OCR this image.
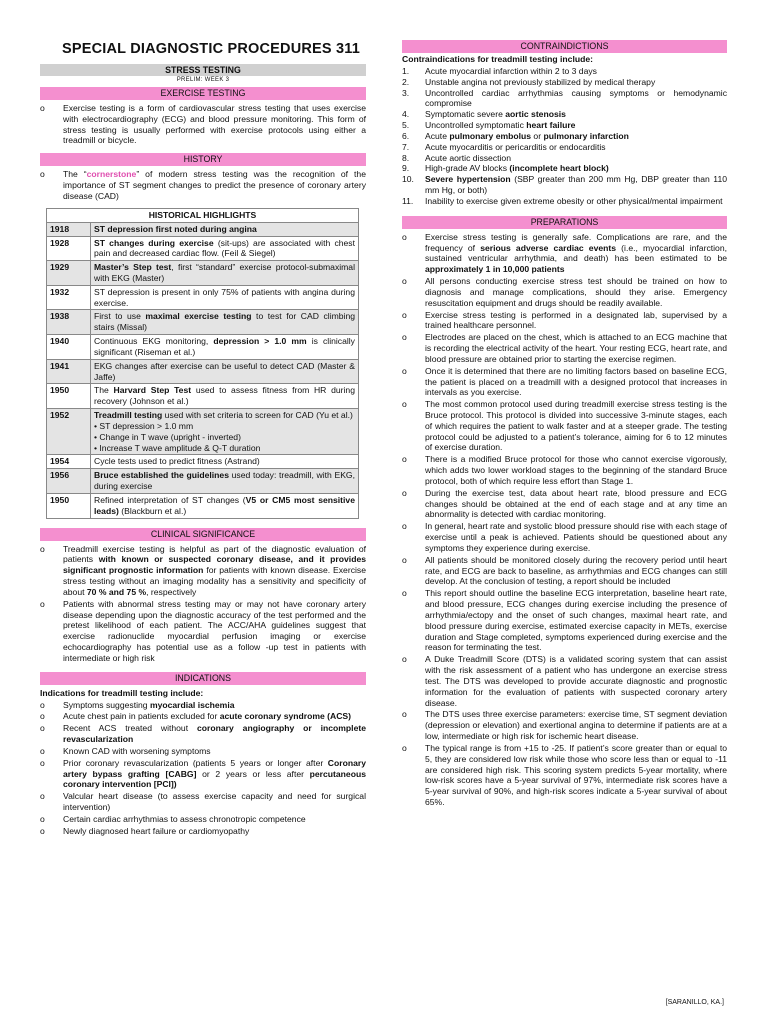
SPECIAL DIAGNOSTIC PROCEDURES 311
STRESS TESTING
PRELIM: WEEK 3
EXERCISE TESTING
o Exercise testing is a form of cardiovascular stress testing that uses exercise with electrocardiography (ECG) and blood pressure monitoring. This form of stress testing is usually performed with exercise protocols using either a treadmill or bicycle.
HISTORY
o The “cornerstone” of modern stress testing was the recognition of the importance of ST segment changes to predict the presence of coronary artery disease (CAD)
HISTORICAL HIGHLIGHTS	
1918	ST depression first noted during angina
1928	ST changes during exercise (sit-ups) are associated with chest pain and decreased cardiac flow. (Feil & Siegel)
1929	Master’s Step test, first “standard” exercise protocol-submaximal with EKG (Master)
1932	ST depression is present in only 75% of patients with angina during exercise.
1938	First to use maximal exercise testing to test for CAD climbing stairs (Missal)
1940	Continuous EKG monitoring, depression > 1.0 mm is clinically significant (Riseman et al.)
1941	EKG changes after exercise can be useful to detect CAD (Master & Jaffe)
1950	The Harvard Step Test used to assess fitness from HR during recovery (Johnson et al.)
1952	Treadmill testing used with set criteria to screen for CAD (Yu et al.)
• ST depression > 1.0 mm
• Change in T wave (upright - inverted)
• Increase T wave amplitude & Q-T duration
1954	Cycle tests used to predict fitness (Astrand)
1956	Bruce established the guidelines used today: treadmill, with EKG, during exercise
1950	Refined interpretation of ST changes (V5 or CM5 most sensitive leads) (Blackburn et al.)
CLINICAL SIGNIFICANCE
o Treadmill exercise testing is helpful as part of the diagnostic evaluation of patients with known or suspected coronary disease, and it provides significant prognostic information for patients with known disease. Exercise stress testing without an imaging modality has a sensitivity and specificity of about 70 % and 75 %, respectively
o Patients with abnormal stress testing may or may not have coronary artery disease depending upon the diagnostic accuracy of the test performed and the pretest likelihood of each patient. The ACC/AHA guidelines suggest that exercise radionuclide myocardial perfusion imaging or exercise echocardiography has potential use as a follow -up test in patients with intermediate or high risk
INDICATIONS
Indications for treadmill testing include:
o Symptoms suggesting myocardial ischemia
o Acute chest pain in patients excluded for acute coronary syndrome (ACS)
o Recent ACS treated without coronary angiography or incomplete revascularization
o Known CAD with worsening symptoms
o Prior coronary revascularization (patients 5 years or longer after Coronary artery bypass grafting [CABG] or 2 years or less after percutaneous coronary intervention [PCI])
o Valcular heart disease (to assess exercise capacity and need for surgical intervention)
o Certain cardiac arrhythmias to assess chronotropic competence
o Newly diagnosed heart failure or cardiomyopathy
CONTRAINDICTIONS
Contraindications for treadmill testing include:
1. Acute myocardial infarction within 2 to 3 days
2. Unstable angina not previously stabilized by medical therapy
3. Uncontrolled cardiac arrhythmias causing symptoms or hemodynamic compromise
4. Symptomatic severe aortic stenosis
5. Uncontrolled symptomatic heart failure
6. Acute pulmonary embolus or pulmonary infarction
7. Acute myocarditis or pericarditis or endocarditis
8. Acute aortic dissection
9. High-grade AV blocks (incomplete heart block)
10. Severe hypertension (SBP greater than 200 mm Hg, DBP greater than 110 mm Hg, or both)
11. Inability to exercise given extreme obesity or other physical/mental impairment
PREPARATIONS
o Exercise stress testing is generally safe. Complications are rare, and the frequency of serious adverse cardiac events (i.e., myocardial infarction, sustained ventricular arrhythmia, and death) has been estimated to be approximately 1 in 10,000 patients
o All persons conducting exercise stress test should be trained on how to diagnosis and manage complications, should they arise. Emergency resuscitation equipment and drugs should be readily available.
o Exercise stress testing is performed in a designated lab, supervised by a trained healthcare personnel.
o Electrodes are placed on the chest, which is attached to an ECG machine that is recording the electrical activity of the heart. Your resting ECG, heart rate, and blood pressure are obtained prior to starting the exercise regimen.
o Once it is determined that there are no limiting factors based on baseline ECG, the patient is placed on a treadmill with a designed protocol that increases in intervals as you exercise.
o The most common protocol used during treadmill exercise stress testing is the Bruce protocol. This protocol is divided into successive 3-minute stages, each of which requires the patient to walk faster and at a steeper grade. The testing protocol could be adjusted to a patient’s tolerance, aiming for 6 to 12 minutes of exercise duration.
o There is a modified Bruce protocol for those who cannot exercise vigorously, which adds two lower workload stages to the beginning of the standard Bruce protocol, both of which require less effort than Stage 1.
o During the exercise test, data about heart rate, blood pressure and ECG changes should be obtained at the end of each stage and at any time an abnormality is detected with cardiac monitoring.
o In general, heart rate and systolic blood pressure should rise with each stage of exercise until a peak is achieved. Patients should be questioned about any symptoms they experience during exercise.
o All patients should be monitored closely during the recovery period until heart rate, and ECG are back to baseline, as arrhythmias and ECG changes can still develop. At the conclusion of testing, a report should be included
o This report should outline the baseline ECG interpretation, baseline heart rate, and blood pressure, ECG changes during exercise including the presence of arrhythmia/ectopy and the onset of such changes, maximal heart rate, and blood pressure during exercise, estimated exercise capacity in METs, exercise duration and Stage completed, symptoms experienced during exercise and the reason for terminating the test.
o A Duke Treadmill Score (DTS) is a validated scoring system that can assist with the risk assessment of a patient who has undergone an exercise stress test. The DTS was developed to provide accurate diagnostic and prognostic information for the evaluation of patients with suspected coronary artery disease.
o The DTS uses three exercise parameters: exercise time, ST segment deviation (depression or elevation) and exertional angina to determine if patients are at a low, intermediate or high risk for ischemic heart disease.
o The typical range is from +15 to -25. If patient’s score greater than or equal to 5, they are considered low risk while those who score less than or equal to -11 are considered high risk. This scoring system predicts 5-year mortality, where low-risk scores have a 5-year survival of 97%, intermediate risk scores have a 5-year survival of 90%, and high-risk scores indicate a 5-year survival of about 65%.
[SARANILLO, KA.]
